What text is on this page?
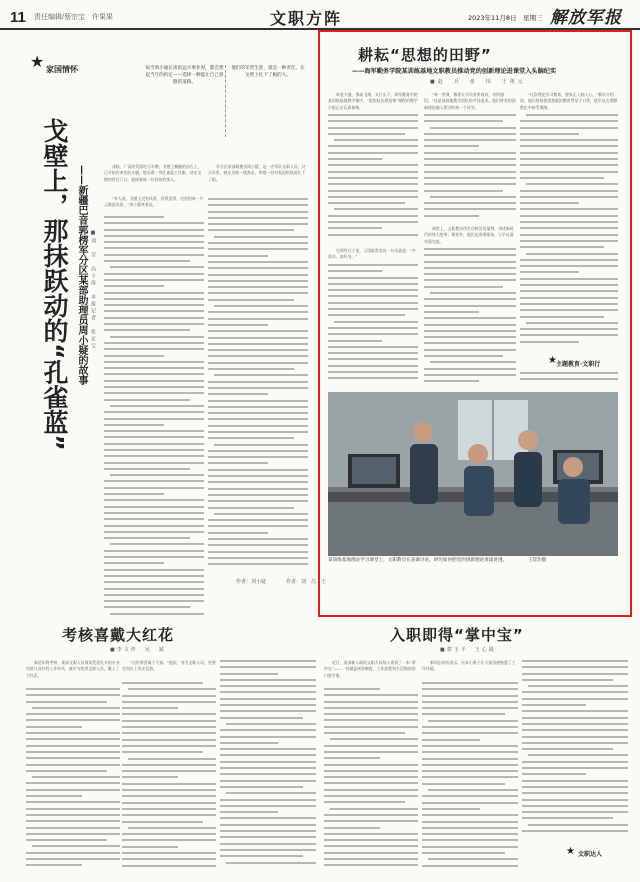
11 责任编辑/蔡宗宝　许果果	文职方阵	2023年11月8日　星期三 解放军报
★ 家国情怀
戈壁上，那抹跃动的“孔雀蓝” ——新疆巴音郭楞军分区某部助理员周小疑的故事 ■刘　莹　高子涛　本报记者　张宏宝

每当周小疑长谈的远方事业时，都会想起当年的约定——选择一种能让自己骄傲的道路。

他们的军营生涯，就是一种责任。在戈壁上扎下了根的人。

深秋，广袤的荒原吐尽丰腴，戈壁上蜿蜒的沙石上，已开始有来往的车辆。她穿着一身孔雀蓝工作服，站在戈壁的营区门口，迎接着每一位到访的客人。

军分区某部助理员周小疑，是一名军队文职人员。这几年里，她在边防一线奔走，带着一份对家国的热爱扎下了根。

“有人说，戈壁上没有风景。但我觉得，这里的每一片云都是风景。”周小疑笑着说。

作者：刘小疑	作者：刘　昌　王
耕耘“思想的田野”
——海军勤务学院某训练基地文职教员推动党的创新理论进课堂入头脑纪实
■赵　兵　张　玮　王祖元

周老大他，那高飞翔，太行山下，海军勤务学院某训练基地教学楼中，“思想政治理论课”课程的教学小组正在认真备课。

“每一堂课，都要让学员有所收获，有所感悟。”这是该基地教学团队的共同追求。他们将党的创新理论融入教学的每一个环节。

“这次理论学习教育，要真正入脑入心。”教员介绍说，他们坚持把思想政治教育贯穿于日常，使学员在潜移默化中接受熏陶。

课堂上，文职教员用生动鲜活的案例，讲述新时代的伟大变革；课堂外，他们走进训练场，与学员面对面交流。

在那些日子里，王琪最常说的一句话就是：“多读书，读好书。”

★ 主题教育·文职行
某训练基地理论学习课堂上，文职教员在备课讨论，研究如何把党的创新理论讲深讲透。　　　　　王贺浩摄
考核喜戴大红花
■李文祥　吴　斌

新近年终考核，某部文职人员周某凭借扎实的专业功底与良好的工作作风，被评为优秀文职人员，戴上了大红花。

“这份荣誉属于大家。”他说，身为文职人员，更要在岗位上发光发热。

入职即得“掌中宝”
■郭玉平　王心霞

近日，某部新入职的文职人员每人拿到了一本“掌中宝”——一份涵盖规章制度、工作流程和生活指南的口袋手册。

新同志纷纷表示，这本小册子让大家迅速熟悉了工作环境。

★ 文职达人
